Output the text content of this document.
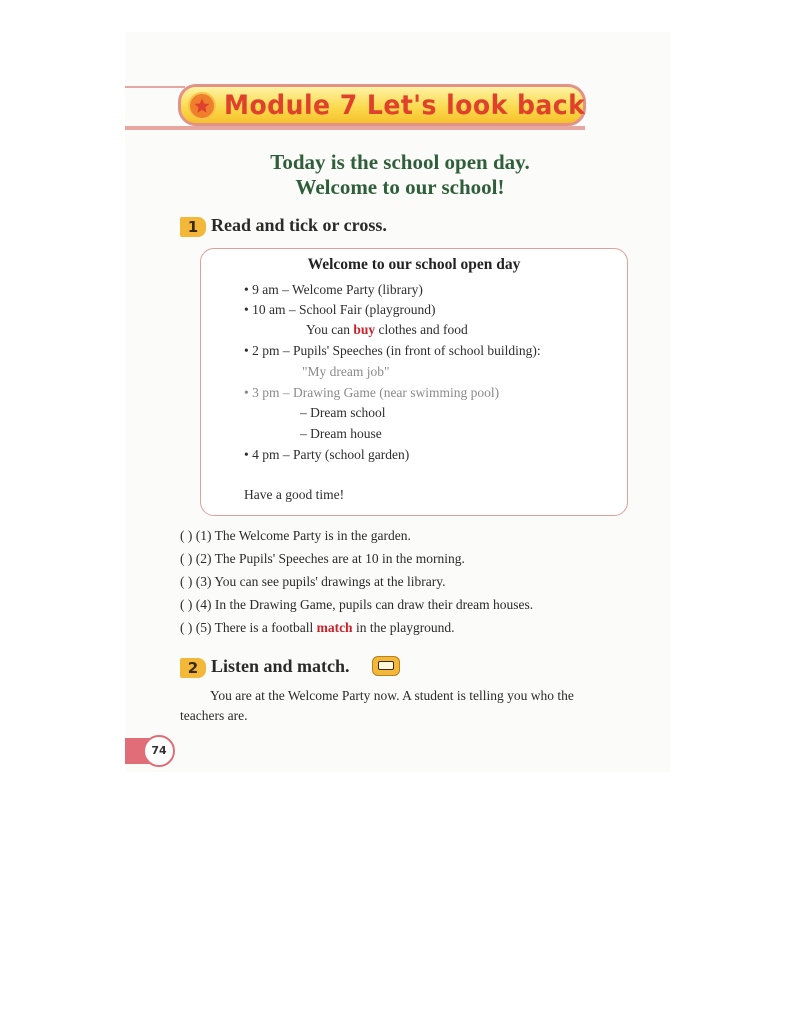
Module 7 Let's look back
Today is the school open day.
Welcome to our school!
1 Read and tick or cross.
Welcome to our school open day
• 9 am – Welcome Party (library)
• 10 am – School Fair (playground)
You can buy clothes and food
• 2 pm – Pupils' Speeches (in front of school building):
"My dream job"
• 3 pm – Drawing Game (near swimming pool)
– Dream school
– Dream house
• 4 pm – Party (school garden)
Have a good time!
( ) (1) The Welcome Party is in the garden.
( ) (2) The Pupils' Speeches are at 10 in the morning.
( ) (3) You can see pupils' drawings at the library.
( ) (4) In the Drawing Game, pupils can draw their dream houses.
( ) (5) There is a football match in the playground.
2 Listen and match.
You are at the Welcome Party now. A student is telling you who the
teachers are.
74
